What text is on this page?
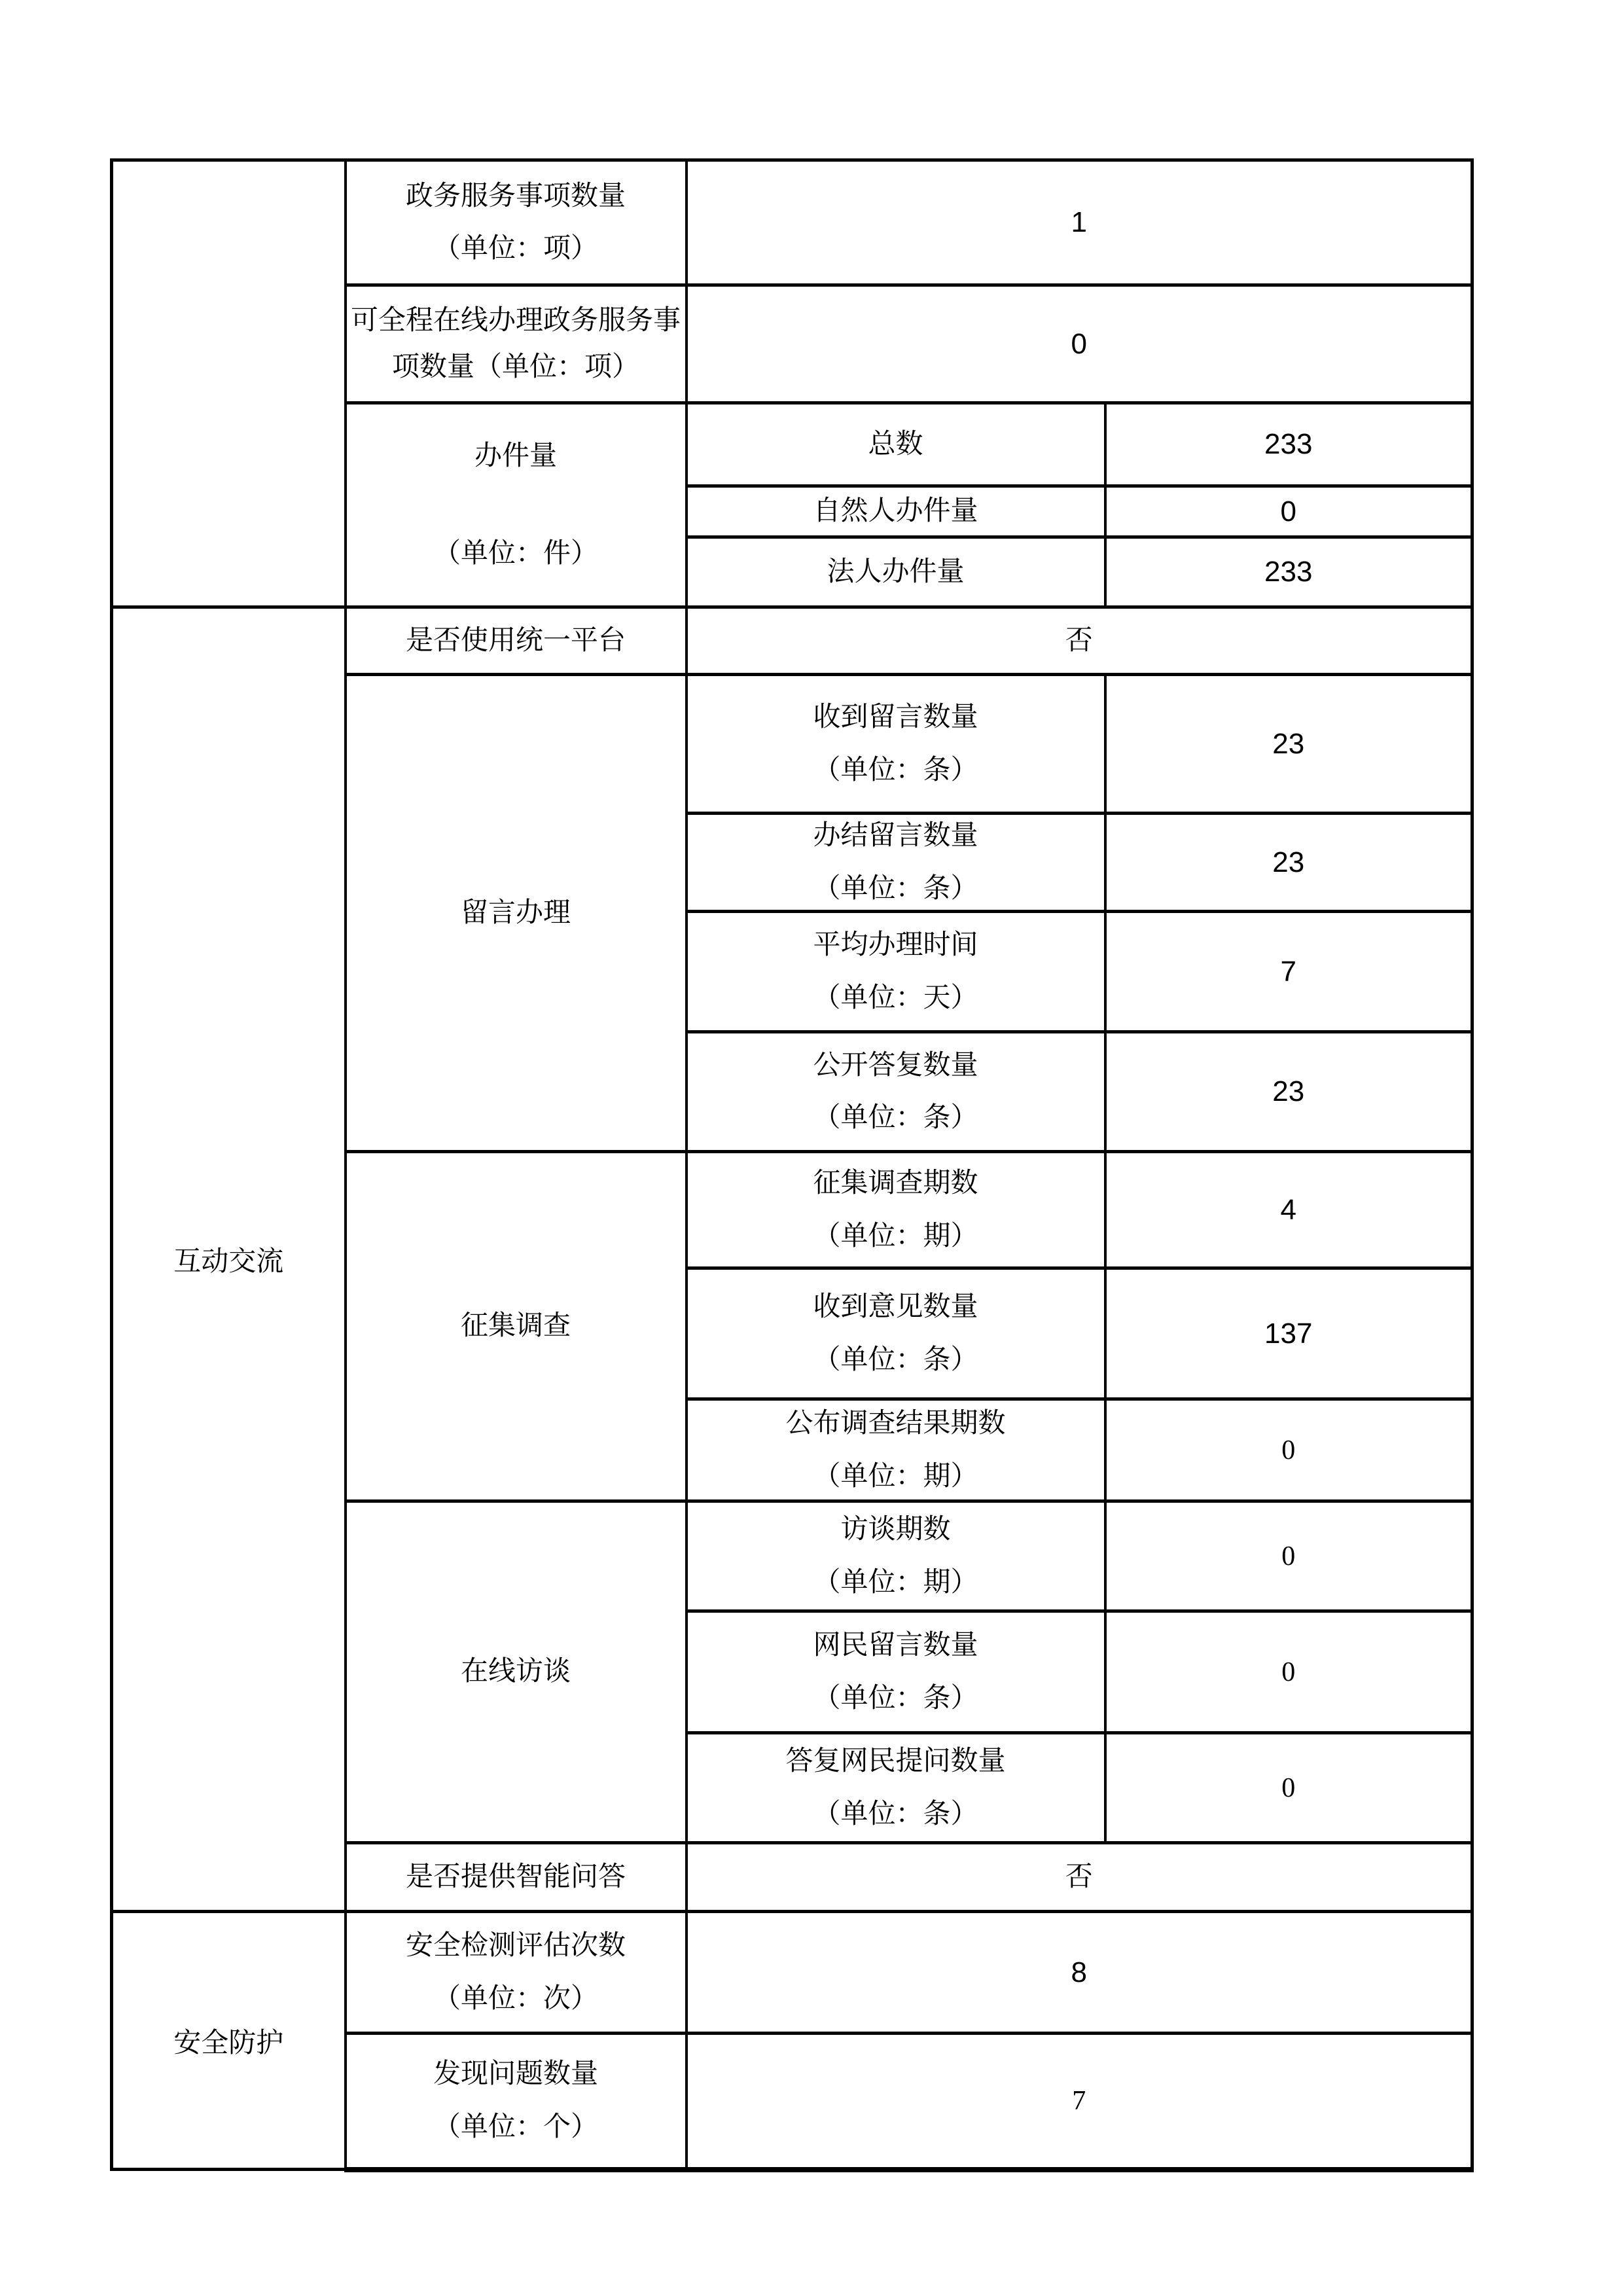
	政务服务事项数量
（单位：项）	1	

	可全程在线办理政务服务事
项数量（单位：项）	0	

	办件量
（单位：件）	总数	233
		自然人办件量	0
		法人办件量	233
互动交流	是否使用统一平台	否	
	留言办理	收到留言数量
（单位：条）	23

		办结留言数量
（单位：条）	23

		平均办理时间
（单位：天）	7

		公开答复数量
（单位：条）	23
	征集调查	征集调查期数
（单位：期）	4

		收到意见数量
（单位：条）	137

		公布调查结果期数
（单位：期）	0
	在线访谈	访谈期数
（单位：期）	0

		网民留言数量
（单位：条）	0

		答复网民提问数量
（单位：条）	0
	是否提供智能问答	否	
安全防护	安全检测评估次数
（单位：次）	8	

	发现问题数量
（单位：个）	7	
